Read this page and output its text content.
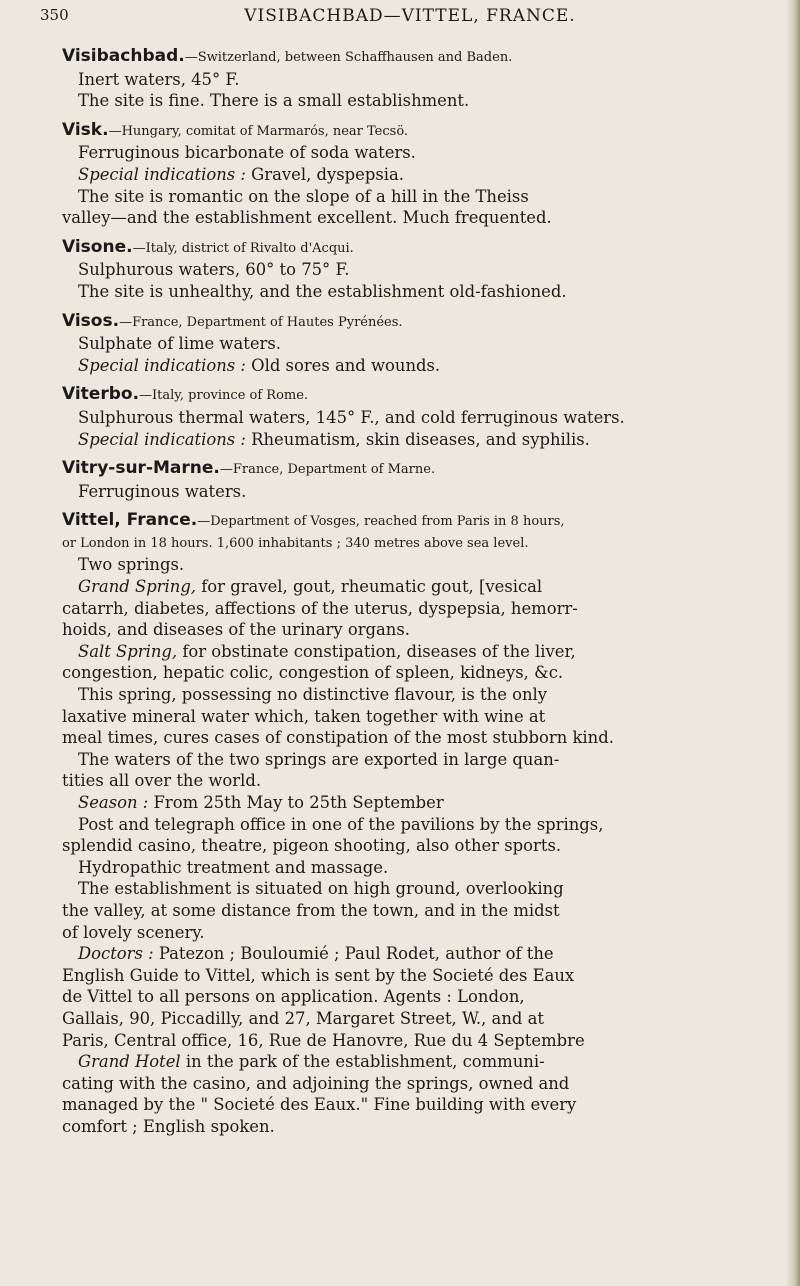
350	VISIBACHBAD—VITTEL, FRANCE.

Visibachbad.—Switzerland, between Schaffhausen and Baden.

Inert waters, 45° F.

The site is fine. There is a small establishment.

Visk.—Hungary, comitat of Marmarós, near Tecsö.

Ferruginous bicarbonate of soda waters.

Special indications : Gravel, dyspepsia.

The site is romantic on the slope of a hill in the Theiss

valley—and the establishment excellent. Much frequented.

Visone.—Italy, district of Rivalto d'Acqui.

Sulphurous waters, 60° to 75° F.

The site is unhealthy, and the establishment old-fashioned.

Visos.—France, Department of Hautes Pyrénées.

Sulphate of lime waters.

Special indications : Old sores and wounds.

Viterbo.—Italy, province of Rome.

Sulphurous thermal waters, 145° F., and cold ferruginous waters.

Special indications : Rheumatism, skin diseases, and syphilis.

Vitry-sur-Marne.—France, Department of Marne.

Ferruginous waters.

Vittel, France.—Department of Vosges, reached from Paris in 8 hours,

or London in 18 hours. 1,600 inhabitants ; 340 metres above sea level.

Two springs.

Grand Spring, for gravel, gout, rheumatic gout, [vesical

catarrh, diabetes, affections of the uterus, dyspepsia, hemorr-

hoids, and diseases of the urinary organs.

Salt Spring, for obstinate constipation, diseases of the liver,

congestion, hepatic colic, congestion of spleen, kidneys, &c.

This spring, possessing no distinctive flavour, is the only

laxative mineral water which, taken together with wine at

meal times, cures cases of constipation of the most stubborn kind.

The waters of the two springs are exported in large quan-

tities all over the world.

Season : From 25th May to 25th September

Post and telegraph office in one of the pavilions by the springs,

splendid casino, theatre, pigeon shooting, also other sports.

Hydropathic treatment and massage.

The establishment is situated on high ground, overlooking

the valley, at some distance from the town, and in the midst

of lovely scenery.

Doctors : Patezon ; Bouloumié ; Paul Rodet, author of the

English Guide to Vittel, which is sent by the Societé des Eaux

de Vittel to all persons on application. Agents : London,

Gallais, 90, Piccadilly, and 27, Margaret Street, W., and at

Paris, Central office, 16, Rue de Hanovre, Rue du 4 Septembre

Grand Hotel in the park of the establishment, communi-

cating with the casino, and adjoining the springs, owned and

managed by the " Societé des Eaux." Fine building with every

comfort ; English spoken.
